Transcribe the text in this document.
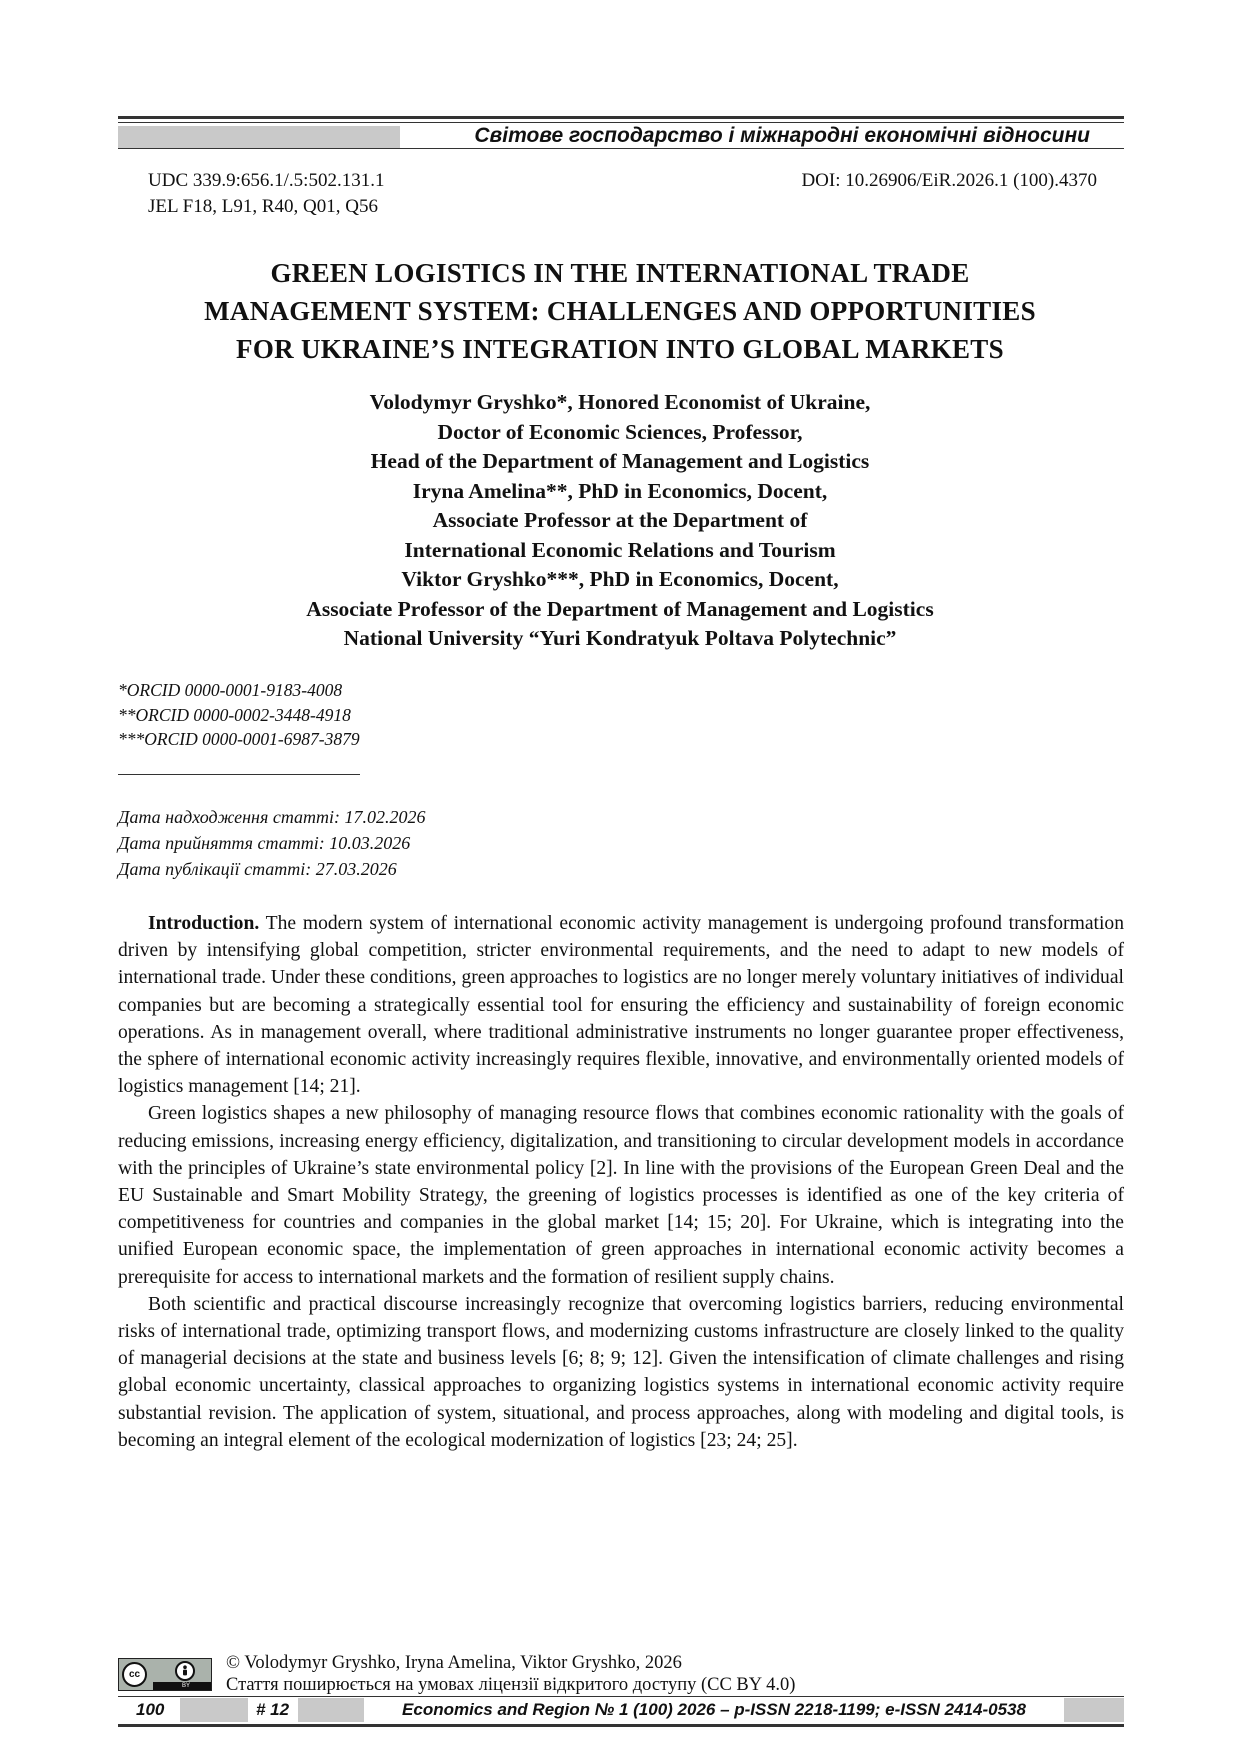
Світове господарство і міжнародні економічні відносини
UDC 339.9:656.1/.5:502.131.1
JEL F18, L91, R40, Q01, Q56
DOI: 10.26906/EiR.2026.1 (100).4370
GREEN LOGISTICS IN THE INTERNATIONAL TRADE
MANAGEMENT SYSTEM: CHALLENGES AND OPPORTUNITIES
FOR UKRAINE’S INTEGRATION INTO GLOBAL MARKETS
Volodymyr Gryshko*, Honored Economist of Ukraine,
Doctor of Economic Sciences, Professor,
Head of the Department of Management and Logistics
Iryna Amelina**, PhD in Economics, Docent,
Associate Professor at the Department of
International Economic Relations and Tourism
Viktor Gryshko***, PhD in Economics, Docent,
Associate Professor of the Department of Management and Logistics
National University “Yuri Kondratyuk Poltava Polytechnic”
*ORCID 0000-0001-9183-4008
**ORCID 0000-0002-3448-4918
***ORCID 0000-0001-6987-3879
Дата надходження статті: 17.02.2026
Дата прийняття статті: 10.03.2026
Дата публікації статті: 27.03.2026

Introduction. The modern system of international economic activity management is undergoing profound transformation driven by intensifying global competition, stricter environmental requirements, and the need to adapt to new models of international trade. Under these conditions, green approaches to logistics are no longer merely voluntary initiatives of individual companies but are becoming a strategically essential tool for ensuring the efficiency and sustainability of foreign economic operations. As in management overall, where traditional administrative instruments no longer guarantee proper effectiveness, the sphere of international economic activity increasingly requires flexible, innovative, and environmentally oriented models of logistics management [14; 21].

Green logistics shapes a new philosophy of managing resource flows that combines economic rationality with the goals of reducing emissions, increasing energy efficiency, digitalization, and transitioning to circular development models in accordance with the principles of Ukraine’s state environmental policy [2]. In line with the provisions of the European Green Deal and the EU Sustainable and Smart Mobility Strategy, the greening of logistics processes is identified as one of the key criteria of competitiveness for countries and companies in the global market [14; 15; 20]. For Ukraine, which is integrating into the unified European economic space, the implementation of green approaches in international economic activity becomes a prerequisite for access to international markets and the formation of resilient supply chains.

Both scientific and practical discourse increasingly recognize that overcoming logistics barriers, reducing environmental risks of international trade, optimizing transport flows, and modernizing customs infrastructure are closely linked to the quality of managerial decisions at the state and business levels [6; 8; 9; 12]. Given the intensification of climate challenges and rising global economic uncertainty, classical approaches to organizing logistics systems in international economic activity require substantial revision. The application of system, situational, and process approaches, along with modeling and digital tools, is becoming an integral element of the ecological modernization of logistics [23; 24; 25].

cc
BY
© Volodymyr Gryshko, Iryna Amelina, Viktor Gryshko, 2026
Стаття поширюється на умовах ліцензії відкритого доступу (CC BY 4.0)
100	# 12	Economics and Region № 1 (100) 2026 – p-ISSN 2218-1199; e-ISSN 2414-0538
